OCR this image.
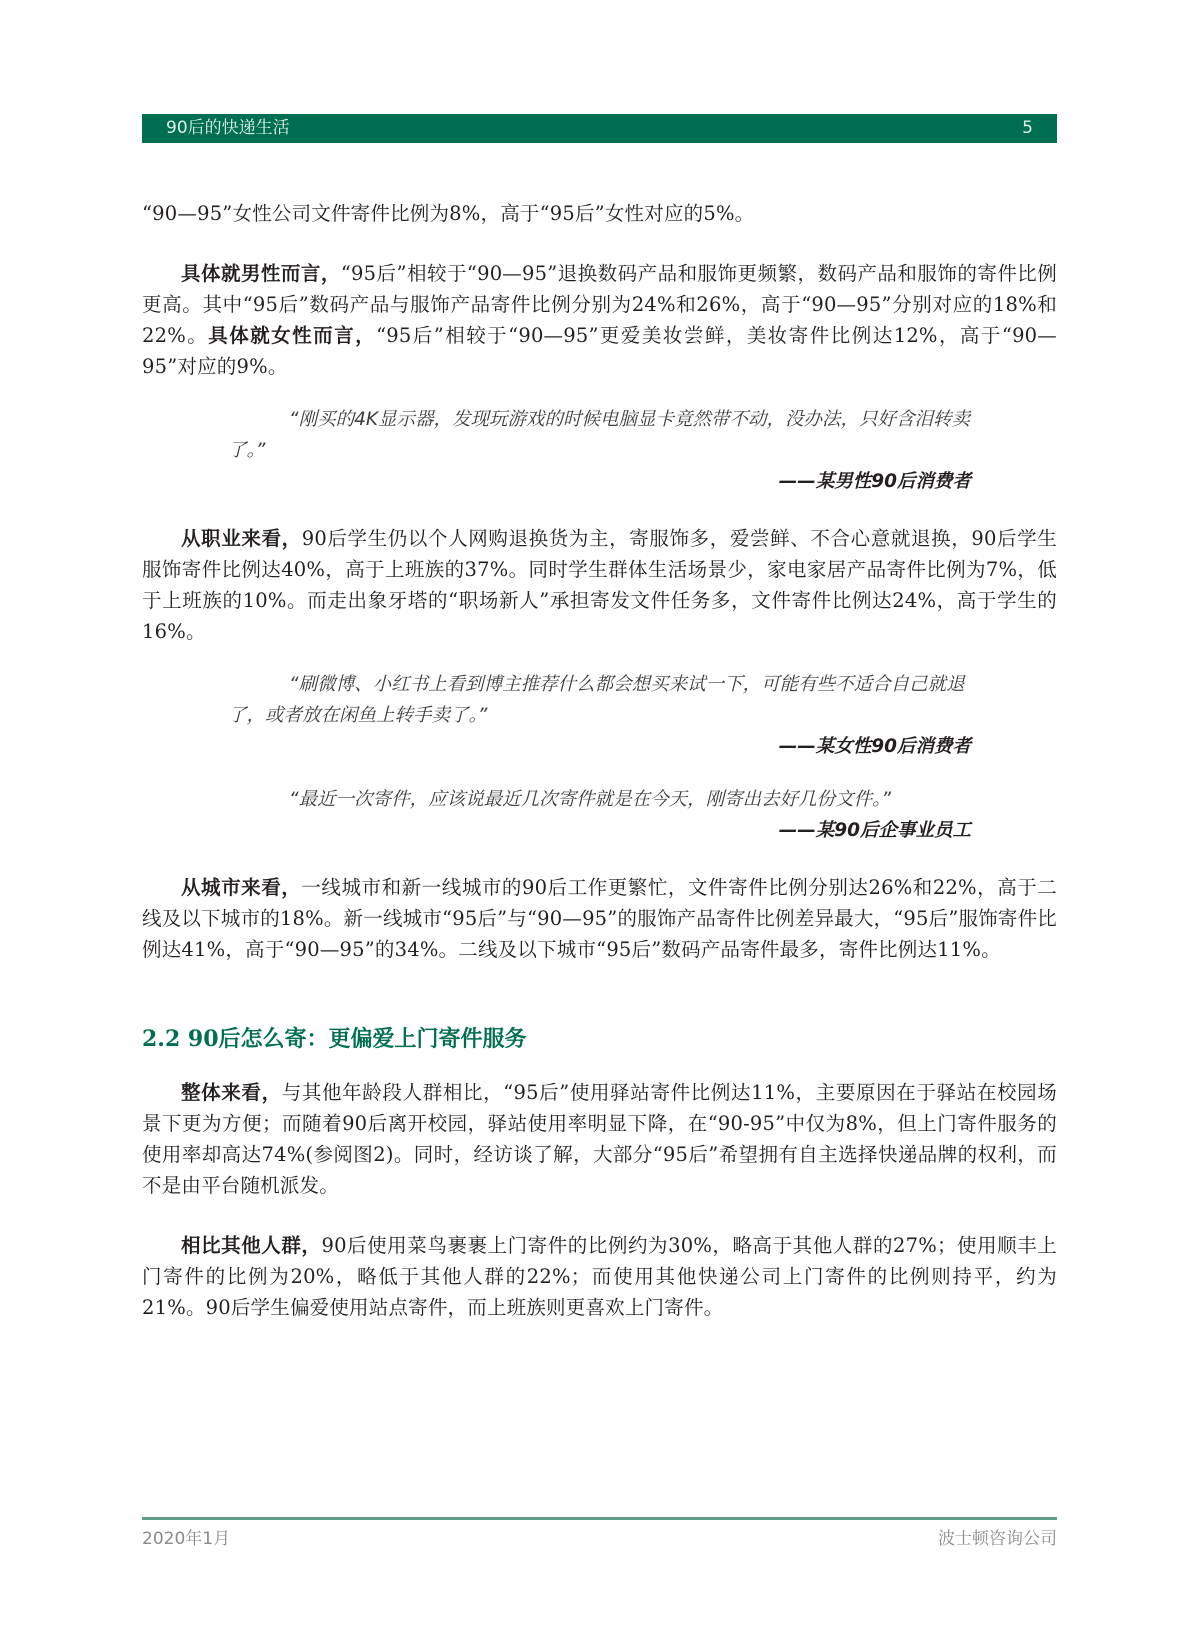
90后的快递生活	5

“90—95”女性公司文件寄件比例为8%，高于“95后”女性对应的5%。

具体就男性而言，“95后”相较于“90—95”退换数码产品和服饰更频繁，数码产品和服饰的寄件比例更高。其中“95后”数码产品与服饰产品寄件比例分别为24%和26%，高于“90—95”分别对应的18%和22%。具体就女性而言，“95后”相较于“90—95”更爱美妆尝鲜，美妆寄件比例达12%，高于“90—95”对应的9%。

“刚买的4K显示器，发现玩游戏的时候电脑显卡竟然带不动，没办法，只好含泪转卖了。”

——某男性90后消费者

从职业来看，90后学生仍以个人网购退换货为主，寄服饰多，爱尝鲜、不合心意就退换，90后学生服饰寄件比例达40%，高于上班族的37%。同时学生群体生活场景少，家电家居产品寄件比例为7%，低于上班族的10%。而走出象牙塔的“职场新人”承担寄发文件任务多，文件寄件比例达24%，高于学生的16%。

“刷微博、小红书上看到博主推荐什么都会想买来试一下，可能有些不适合自己就退了，或者放在闲鱼上转手卖了。”

——某女性90后消费者

“最近一次寄件，应该说最近几次寄件就是在今天，刚寄出去好几份文件。”

——某90后企事业员工

从城市来看，一线城市和新一线城市的90后工作更繁忙，文件寄件比例分别达26%和22%，高于二线及以下城市的18%。新一线城市“95后”与“90—95”的服饰产品寄件比例差异最大，“95后”服饰寄件比例达41%，高于“90—95”的34%。二线及以下城市“95后”数码产品寄件最多，寄件比例达11%。

2.2 90后怎么寄：更偏爱上门寄件服务

整体来看，与其他年龄段人群相比，“95后”使用驿站寄件比例达11%，主要原因在于驿站在校园场景下更为方便；而随着90后离开校园，驿站使用率明显下降，在“90-95”中仅为8%，但上门寄件服务的使用率却高达74%(参阅图2)。同时，经访谈了解，大部分“95后”希望拥有自主选择快递品牌的权利，而不是由平台随机派发。

相比其他人群，90后使用菜鸟裹裹上门寄件的比例约为30%，略高于其他人群的27%；使用顺丰上门寄件的比例为20%，略低于其他人群的22%；而使用其他快递公司上门寄件的比例则持平，约为21%。90后学生偏爱使用站点寄件，而上班族则更喜欢上门寄件。

2020年1月	波士顿咨询公司
